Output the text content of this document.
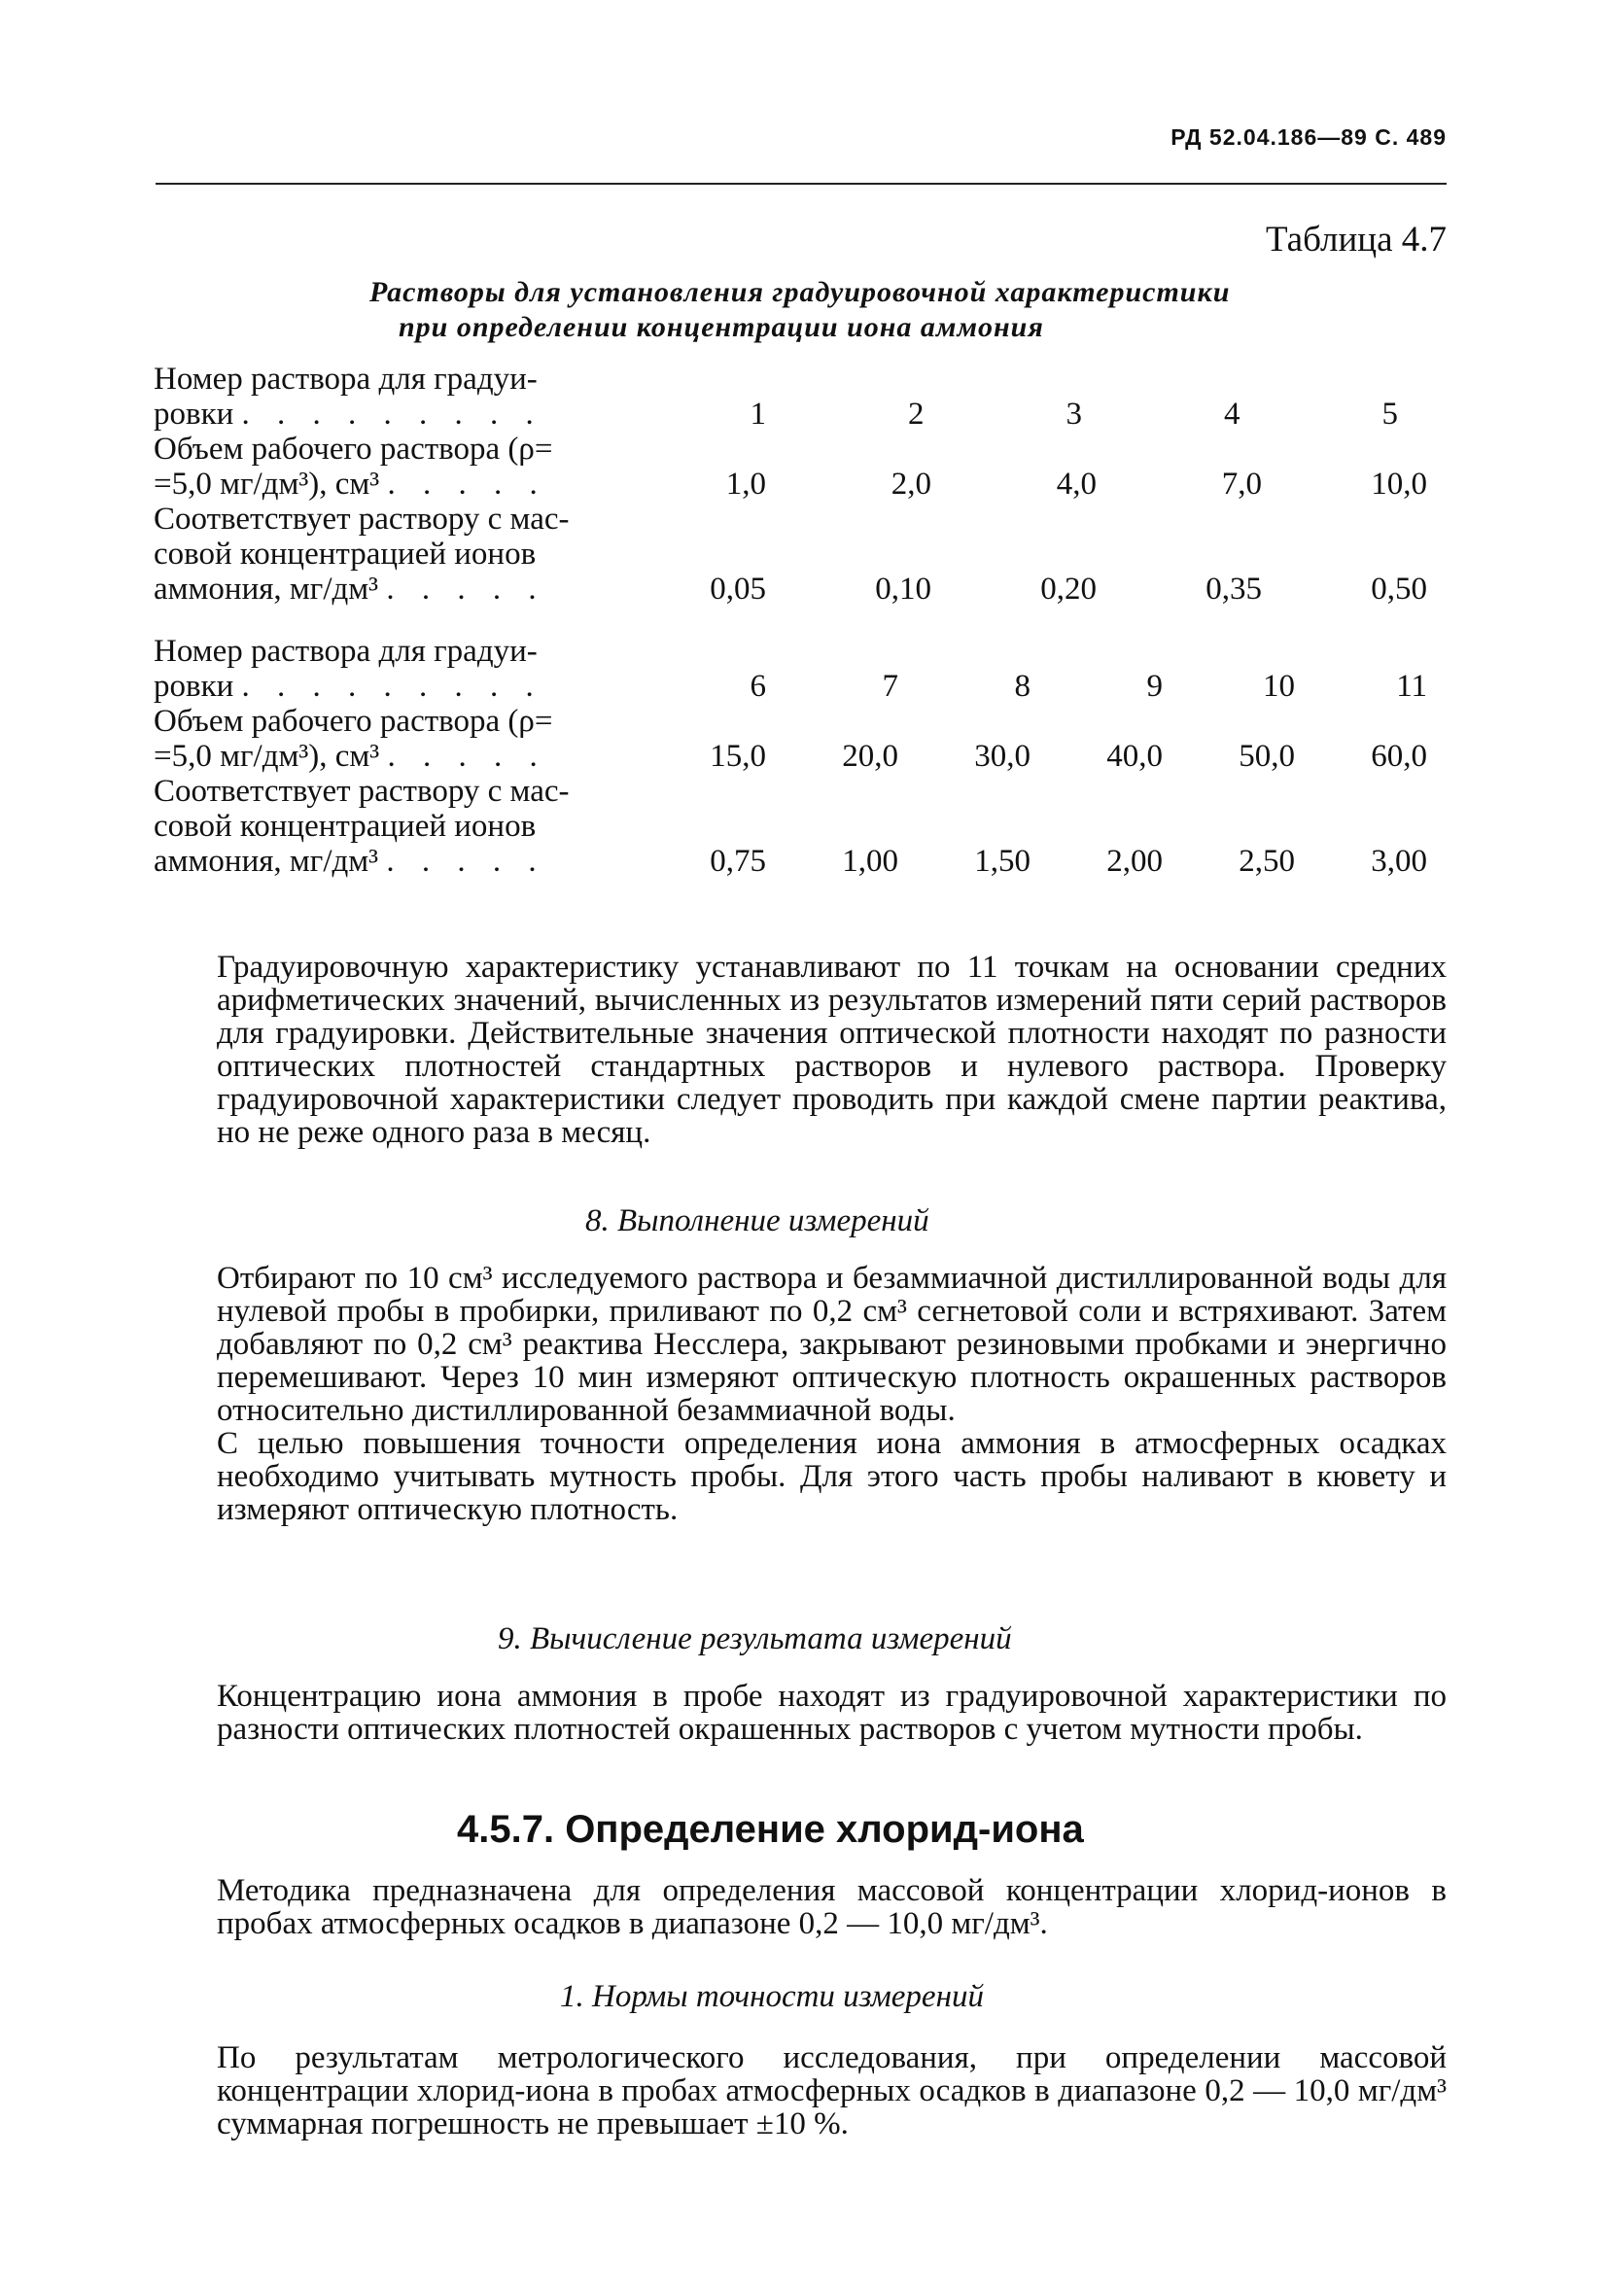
РД 52.04.186—89 С. 489
Таблица 4.7
Растворы для установления градуировочной характеристики
при определении концентрации иона аммония
Номер раствора для градуи-
ровки . . . . . . . . .	1	2	3	4	5
Объем рабочего раствора (ρ=
=5,0 мг/дм³), см³ . . . . .	1,0	2,0	4,0	7,0	10,0
Соответствует раствору с мас-
совой концентрацией ионов
аммония, мг/дм³ . . . . .	0,05	0,10	0,20	0,35	0,50
Номер раствора для градуи-
ровки . . . . . . . . .	6	7	8	9	10	11
Объем рабочего раствора (ρ=
=5,0 мг/дм³), см³ . . . . .	15,0	20,0	30,0	40,0	50,0	60,0
Соответствует раствору с мас-
совой концентрацией ионов
аммония, мг/дм³ . . . . .	0,75	1,00	1,50	2,00	2,50	3,00
Градуировочную характеристику устанавливают по 11 точкам на основании средних арифметических значений, вычисленных из результатов измерений пяти серий растворов для градуировки. Действительные значения оптической плотности находят по разности оптических плотностей стандартных растворов и нулевого раствора. Проверку градуировочной характеристики следует проводить при каждой смене партии реактива, но не реже одного раза в месяц.
8. Выполнение измерений
Отбирают по 10 см³ исследуемого раствора и безаммиачной дистиллированной воды для нулевой пробы в пробирки, приливают по 0,2 см³ сегнетовой соли и встряхивают. Затем добавляют по 0,2 см³ реактива Несслера, закрывают резиновыми пробками и энергично перемешивают. Через 10 мин измеряют оптическую плотность окрашенных растворов относительно дистиллированной безаммиачной воды.
С целью повышения точности определения иона аммония в атмосферных осадках необходимо учитывать мутность пробы. Для этого часть пробы наливают в кювету и измеряют оптическую плотность.
9. Вычисление результата измерений
Концентрацию иона аммония в пробе находят из градуировочной характеристики по разности оптических плотностей окрашенных растворов с учетом мутности пробы.
4.5.7. Определение хлорид-иона
Методика предназначена для определения массовой концентрации хлорид-ионов в пробах атмосферных осадков в диапазоне 0,2 — 10,0 мг/дм³.
1. Нормы точности измерений
По результатам метрологического исследования, при определении массовой концентрации хлорид-иона в пробах атмосферных осадков в диапазоне 0,2 — 10,0 мг/дм³ суммарная погрешность не превышает ±10 %.
